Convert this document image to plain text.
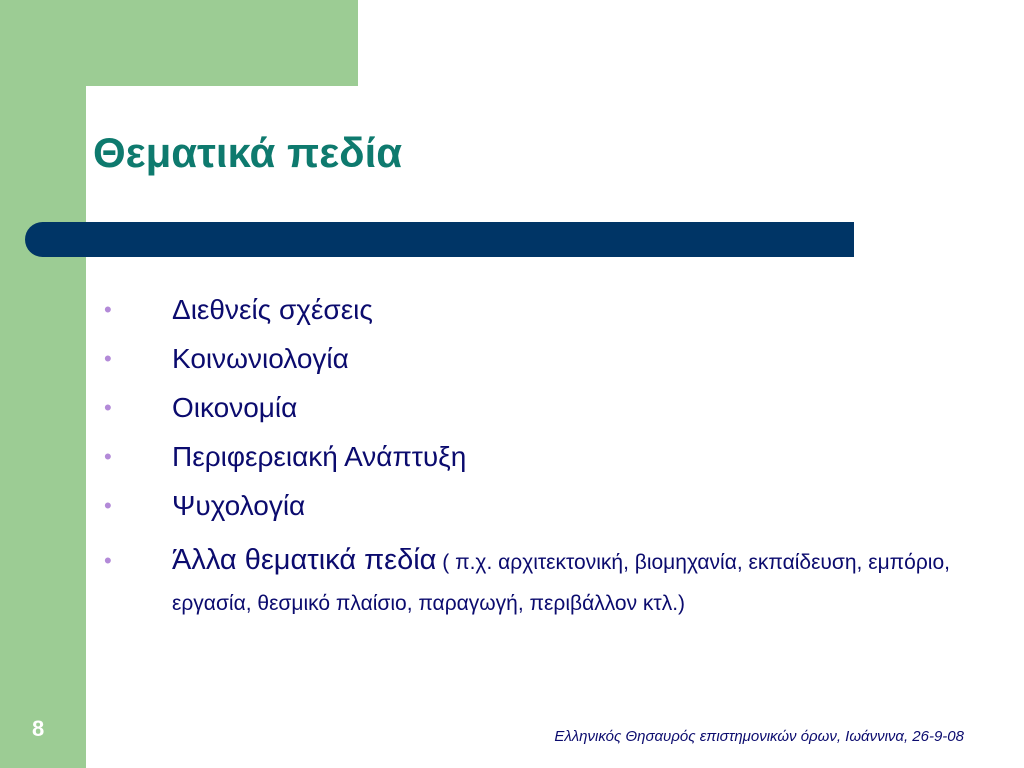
Θεματικά πεδία
•	Διεθνείς σχέσεις
•	Κοινωνιολογία
•	Οικονομία
•	Περιφερειακή Ανάπτυξη
•	Ψυχολογία
•	Άλλα θεματικά πεδία ( π.χ. αρχιτεκτονική, βιομηχανία, εκπαίδευση, εμπόριο, εργασία, θεσμικό πλαίσιο, παραγωγή, περιβάλλον κτλ.)
8	Ελληνικός Θησαυρός επιστημονικών όρων, Ιωάννινα, 26-9-08
